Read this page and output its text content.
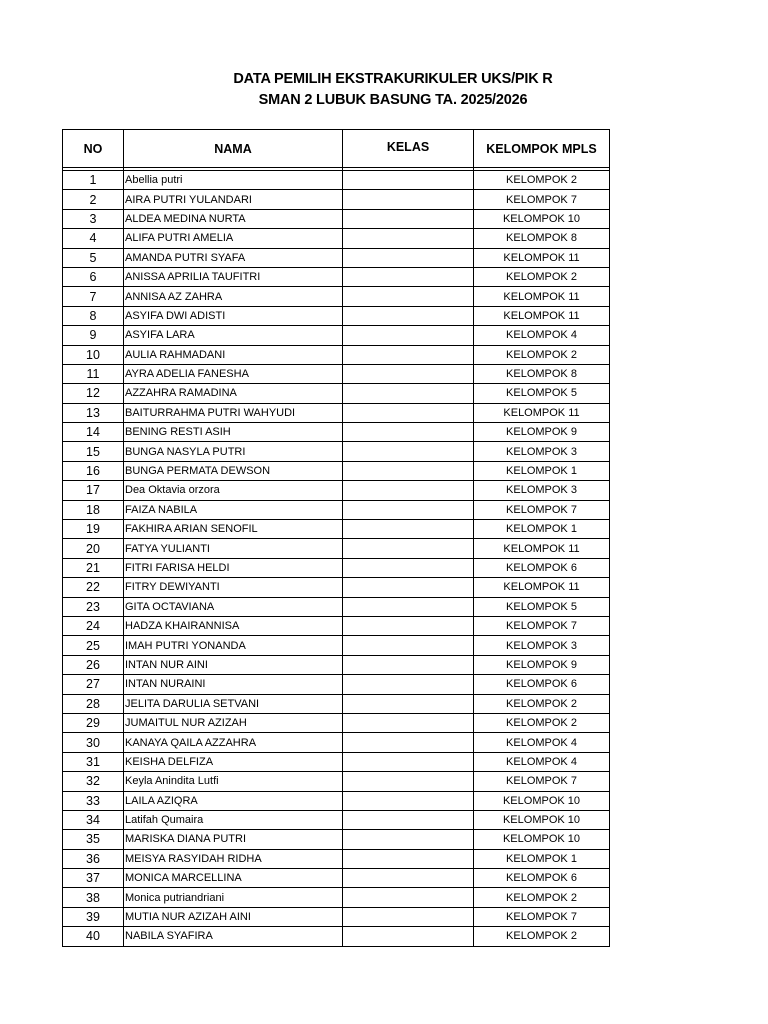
DATA PEMILIH EKSTRAKURIKULER UKS/PIK R
SMAN 2 LUBUK BASUNG TA. 2025/2026
NO	NAMA	KELAS	KELOMPOK MPLS

1	Abellia putri		KELOMPOK 2
2	AIRA PUTRI YULANDARI		KELOMPOK 7
3	ALDEA MEDINA NURTA		KELOMPOK 10
4	ALIFA PUTRI AMELIA		KELOMPOK 8
5	AMANDA PUTRI SYAFA		KELOMPOK 11
6	ANISSA APRILIA TAUFITRI		KELOMPOK 2
7	ANNISA AZ ZAHRA		KELOMPOK 11
8	ASYIFA DWI ADISTI		KELOMPOK 11
9	ASYIFA LARA		KELOMPOK 4
10	AULIA RAHMADANI		KELOMPOK 2
11	AYRA ADELIA FANESHA		KELOMPOK 8
12	AZZAHRA RAMADINA		KELOMPOK 5
13	BAITURRAHMA PUTRI WAHYUDI		KELOMPOK 11
14	BENING RESTI ASIH		KELOMPOK 9
15	BUNGA NASYLA PUTRI		KELOMPOK 3
16	BUNGA PERMATA DEWSON		KELOMPOK 1
17	Dea Oktavia orzora		KELOMPOK 3
18	FAIZA NABILA		KELOMPOK 7
19	FAKHIRA ARIAN SENOFIL		KELOMPOK 1
20	FATYA YULIANTI		KELOMPOK 11
21	FITRI FARISA HELDI		KELOMPOK 6
22	FITRY DEWIYANTI		KELOMPOK 11
23	GITA OCTAVIANA		KELOMPOK 5
24	HADZA KHAIRANNISA		KELOMPOK 7
25	IMAH PUTRI YONANDA		KELOMPOK 3
26	INTAN NUR AINI		KELOMPOK 9
27	INTAN NURAINI		KELOMPOK 6
28	JELITA DARULIA SETVANI		KELOMPOK 2
29	JUMAITUL NUR AZIZAH		KELOMPOK 2
30	KANAYA QAILA AZZAHRA		KELOMPOK 4
31	KEISHA DELFIZA		KELOMPOK 4
32	Keyla Anindita Lutfi		KELOMPOK 7
33	LAILA AZIQRA		KELOMPOK 10
34	Latifah Qumaira		KELOMPOK 10
35	MARISKA DIANA PUTRI		KELOMPOK 10
36	MEISYA RASYIDAH RIDHA		KELOMPOK 1
37	MONICA MARCELLINA		KELOMPOK 6
38	Monica putriandriani		KELOMPOK 2
39	MUTIA NUR AZIZAH AINI		KELOMPOK 7
40	NABILA SYAFIRA		KELOMPOK 2
